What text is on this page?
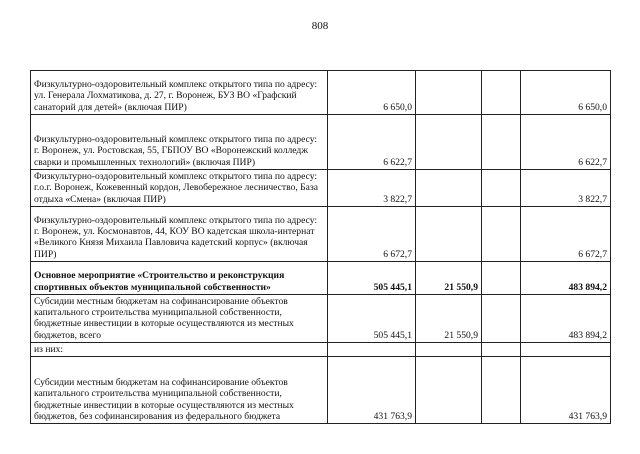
808
Физкультурно-оздоровительный комплекс открытого типа по адресу: ул. Генерала Лохматикова, д. 27, г. Воронеж, БУЗ ВО «Графский санаторий для детей» (включая ПИР)	6 650,0			6 650,0
Физкультурно-оздоровительный комплекс открытого типа по адресу: г. Воронеж, ул. Ростовская, 55, ГБПОУ ВО «Воронежский колледж сварки и промышленных технологий» (включая ПИР)	6 622,7			6 622,7
Физкультурно-оздоровительный комплекс открытого типа по адресу: г.о.г. Воронеж, Кожевенный кордон, Левобережное лесничество, База отдыха «Смена» (включая ПИР)	3 822,7			3 822,7
Физкультурно-оздоровительный комплекс открытого типа по адресу: г. Воронеж, ул. Космонавтов, 44, КОУ ВО кадетская школа-интернат «Великого Князя Михаила Павловича кадетский корпус» (включая ПИР)	6 672,7			6 672,7
Основное мероприятие «Строительство и реконструкция спортивных объектов муниципальной собственности»	505 445,1	21 550,9		483 894,2
Субсидии местным бюджетам на софинансирование объектов капитального строительства муниципальной собственности, бюджетные инвестиции в которые осуществляются из местных бюджетов, всего	505 445,1	21 550,9		483 894,2
из них:				
Субсидии местным бюджетам на софинансирование объектов капитального строительства муниципальной собственности, бюджетные инвестиции в которые осуществляются из местных бюджетов, без софинансирования из федерального бюджета	431 763,9			431 763,9
